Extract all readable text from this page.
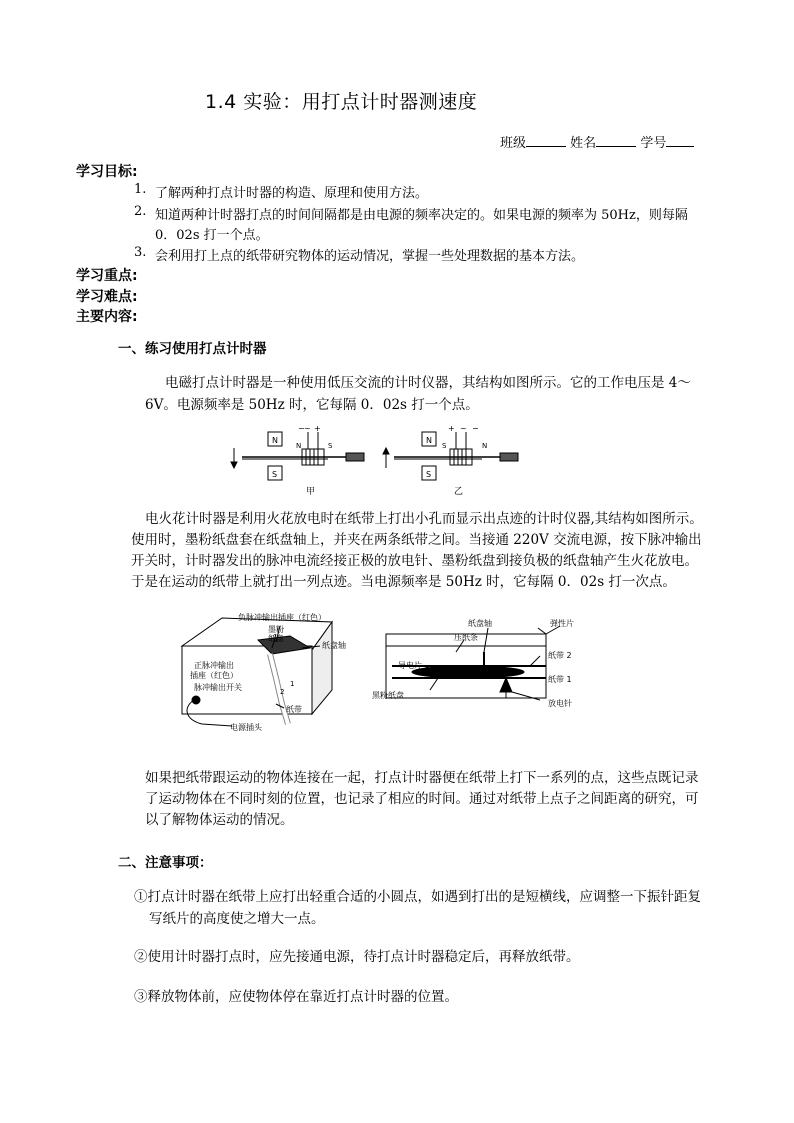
1.4 实验：用打点计时器测速度
班级	姓名	学号
学习目标:
1. 了解两种打点计时器的构造、原理和使用方法。
2. 知道两种计时器打点的时间间隔都是由电源的频率决定的。如果电源的频率为 50Hz，则每隔
0．02s 打一个点。
3. 会利用打上点的纸带研究物体的运动情况，掌握一些处理数据的基本方法。
学习重点:
学习难点:
主要内容:
一、练习使用打点计时器
电磁打点计时器是一种使用低压交流的计时仪器，其结构如图所示。它的工作电压是 4～
6V。电源频率是 50Hz 时，它每隔 0．02s 打一个点。
N
S
N	S
~ +
−
甲
N
S
S	N
+ ~ −
乙
电火花计时器是利用火花放电时在纸带上打出小孔而显示出点迹的计时仪器,其结构如图所示。
使用时，墨粉纸盘套在纸盘轴上，并夹在两条纸带之间。当接通 220V 交流电源，按下脉冲输出
开关时，计时器发出的脉冲电流经接正极的放电针、墨粉纸盘到接负极的纸盘轴产生火花放电。
于是在运动的纸带上就打出一列点迹。当电源频率是 50Hz 时，它每隔 0．02s 打一次点。
负脉冲输出插座（红色）
墨粉
纸盘
纸盘轴
正脉冲输出
插座（红色）
脉冲输出开关
纸带
电源插头
1
2
纸盘轴	弹性片
压纸条
纸带 2
导电片
纸带 1
黑粉纸盘
放电针
如果把纸带跟运动的物体连接在一起，打点计时器便在纸带上打下一系列的点，这些点既记录
了运动物体在不同时刻的位置，也记录了相应的时间。通过对纸带上点子之间距离的研究，可
以了解物体运动的情况。
二、注意事项：
①打点计时器在纸带上应打出轻重合适的小圆点，如遇到打出的是短横线，应调整一下振针距复
写纸片的高度使之增大一点。
②使用计时器打点时，应先接通电源，待打点计时器稳定后，再释放纸带。
③释放物体前，应使物体停在靠近打点计时器的位置。
